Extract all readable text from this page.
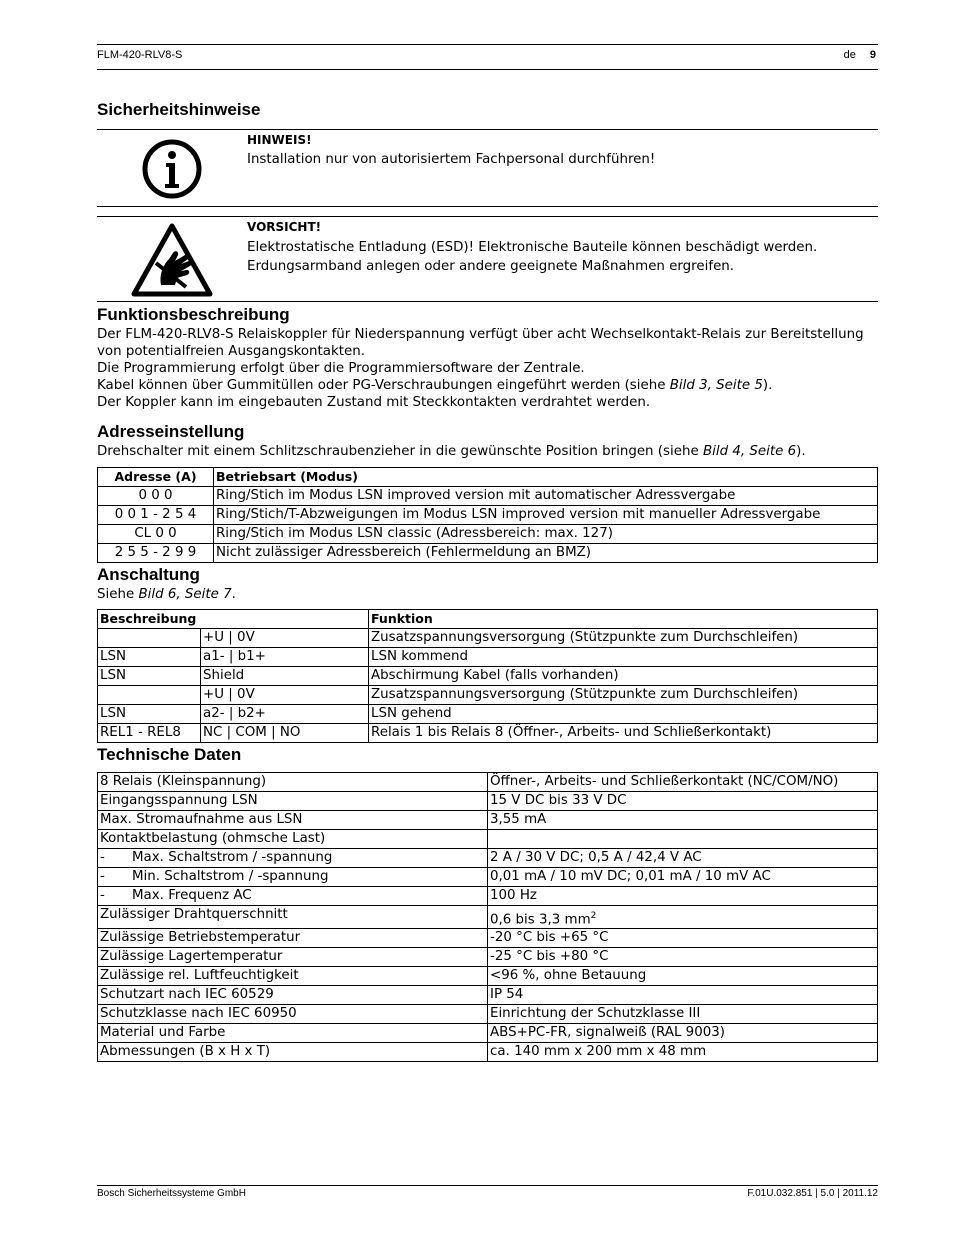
FLM-420-RLV8-S	de 9
Sicherheitshinweise
HINWEIS!
Installation nur von autorisiertem Fachpersonal durchführen!
VORSICHT!
Elektrostatische Entladung (ESD)! Elektronische Bauteile können beschädigt werden.
Erdungsarmband anlegen oder andere geeignete Maßnahmen ergreifen.
Funktionsbeschreibung
Der FLM-420-RLV8-S Relaiskoppler für Niederspannung verfügt über acht Wechselkontakt-Relais zur Bereitstellung
von potentialfreien Ausgangskontakten.
Die Programmierung erfolgt über die Programmiersoftware der Zentrale.
Kabel können über Gummitüllen oder PG-Verschraubungen eingeführt werden (siehe Bild 3, Seite 5).
Der Koppler kann im eingebauten Zustand mit Steckkontakten verdrahtet werden.
Adresseinstellung
Drehschalter mit einem Schlitzschraubenzieher in die gewünschte Position bringen (siehe Bild 4, Seite 6).
Adresse (A)	Betriebsart (Modus)
0 0 0	Ring/Stich im Modus LSN improved version mit automatischer Adressvergabe
0 0 1 - 2 5 4	Ring/Stich/T-Abzweigungen im Modus LSN improved version mit manueller Adressvergabe
CL 0 0	Ring/Stich im Modus LSN classic (Adressbereich: max. 127)
2 5 5 - 2 9 9	Nicht zulässiger Adressbereich (Fehlermeldung an BMZ)
Anschaltung
Siehe Bild 6, Seite 7.
Beschreibung		Funktion
	+U | 0V	Zusatzspannungsversorgung (Stützpunkte zum Durchschleifen)
LSN	a1- | b1+	LSN kommend
LSN	Shield	Abschirmung Kabel (falls vorhanden)
	+U | 0V	Zusatzspannungsversorgung (Stützpunkte zum Durchschleifen)
LSN	a2- | b2+	LSN gehend
REL1 - REL8	NC | COM | NO	Relais 1 bis Relais 8 (Öffner-, Arbeits- und Schließerkontakt)
Technische Daten
8 Relais (Kleinspannung)	Öffner-, Arbeits- und Schließerkontakt (NC/COM/NO)
Eingangsspannung LSN	15 V DC bis 33 V DC
Max. Stromaufnahme aus LSN	3,55 mA
Kontaktbelastung (ohmsche Last)	
- Max. Schaltstrom / -spannung	2 A / 30 V DC; 0,5 A / 42,4 V AC
- Min. Schaltstrom / -spannung	0,01 mA / 10 mV DC; 0,01 mA / 10 mV AC
- Max. Frequenz AC	100 Hz
Zulässiger Drahtquerschnitt	0,6 bis 3,3 $mm^2$
Zulässige Betriebstemperatur	-20 °C bis +65 °C
Zulässige Lagertemperatur	-25 °C bis +80 °C
Zulässige rel. Luftfeuchtigkeit	<96 %, ohne Betauung
Schutzart nach IEC 60529	IP 54
Schutzklasse nach IEC 60950	Einrichtung der Schutzklasse III
Material und Farbe	ABS+PC-FR, signalweiß (RAL 9003)
Abmessungen (B x H x T)	ca. 140 mm x 200 mm x 48 mm
Bosch Sicherheitssysteme GmbH	F.01U.032.851 | 5.0 | 2011.12
